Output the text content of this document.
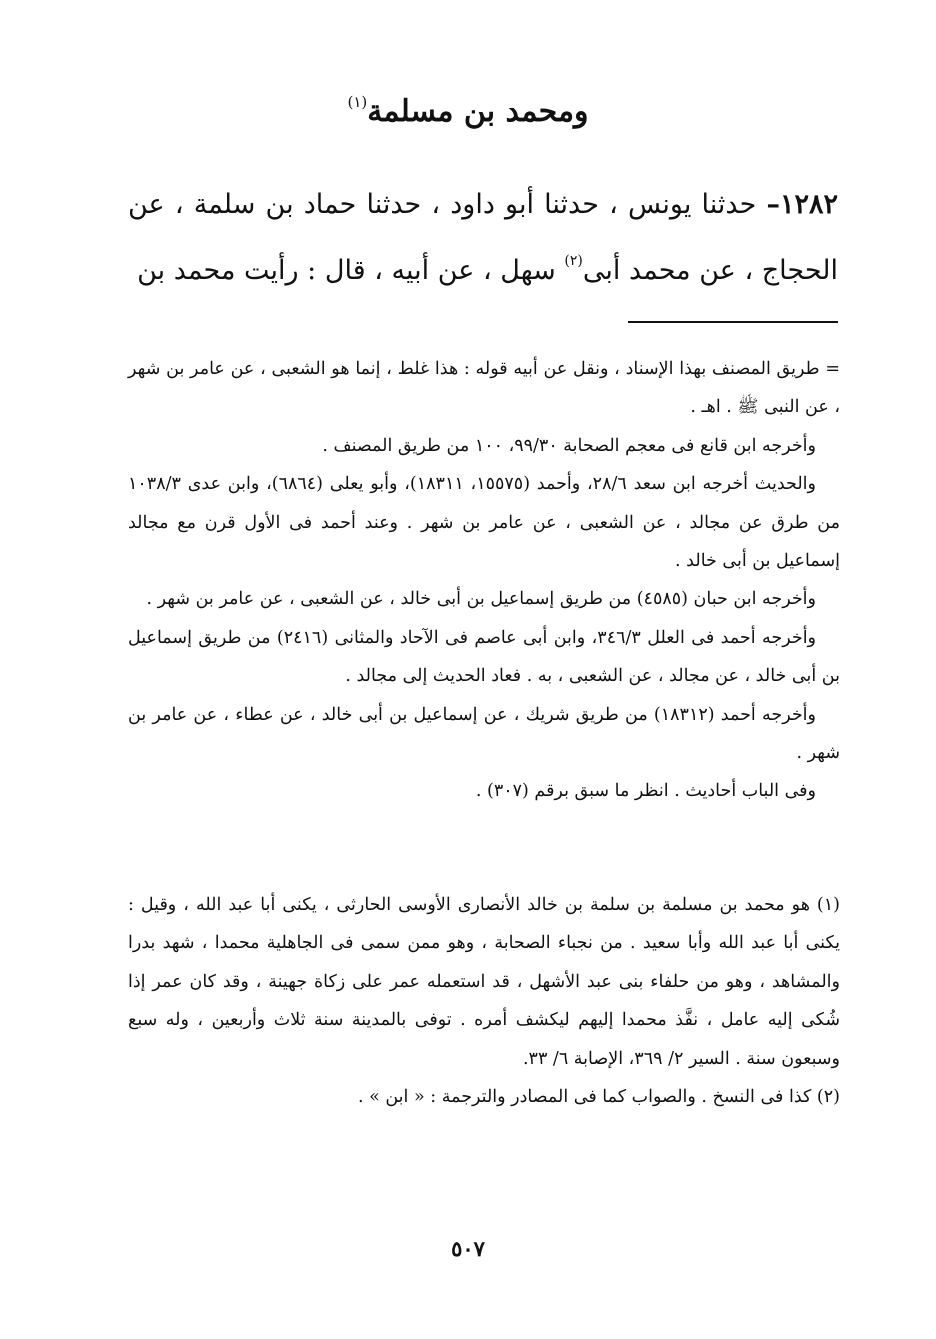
ومحمد بن مسلمة$^{(١)}$
١٢٨٢– حدثنا يونس ، حدثنا أبو داود ، حدثنا حماد بن سلمة ، عن الحجاج ، عن محمد أبى$^{(٢)}$ سهل ، عن أبيه ، قال : رأيت محمد بن

= طريق المصنف بهذا الإسناد ، ونقل عن أبيه قوله : هذا غلط ، إنما هو الشعبى ، عن عامر بن شهر ، عن النبى ﷺ . اهـ .

وأخرجه ابن قانع فى معجم الصحابة ٩٩/٣٠، ١٠٠ من طريق المصنف .

والحديث أخرجه ابن سعد ٢٨/٦، وأحمد (١٥٥٧٥، ١٨٣١١)، وأبو يعلى (٦٨٦٤)، وابن عدى ١٠٣٨/٣ من طرق عن مجالد ، عن الشعبى ، عن عامر بن شهر . وعند أحمد فى الأول قرن مع مجالد إسماعيل بن أبى خالد .

وأخرجه ابن حبان (٤٥٨٥) من طريق إسماعيل بن أبى خالد ، عن الشعبى ، عن عامر بن شهر .

وأخرجه أحمد فى العلل ٣٤٦/٣، وابن أبى عاصم فى الآحاد والمثانى (٢٤١٦) من طريق إسماعيل بن أبى خالد ، عن مجالد ، عن الشعبى ، به . فعاد الحديث إلى مجالد .

وأخرجه أحمد (١٨٣١٢) من طريق شريك ، عن إسماعيل بن أبى خالد ، عن عطاء ، عن عامر بن شهر .

وفى الباب أحاديث . انظر ما سبق برقم (٣٠٧) .

(١) هو محمد بن مسلمة بن سلمة بن خالد الأنصارى الأوسى الحارثى ، يكنى أبا عبد الله ، وقيل : يكنى أبا عبد الله وأبا سعيد . من نجباء الصحابة ، وهو ممن سمى فى الجاهلية محمدا ، شهد بدرا والمشاهد ، وهو من حلفاء بنى عبد الأشهل ، قد استعمله عمر على زكاة جهينة ، وقد كان عمر إذا شُكى إليه عامل ، نفَّذ محمدا إليهم ليكشف أمره . توفى بالمدينة سنة ثلاث وأربعين ، وله سبع وسبعون سنة . السير ٢/ ٣٦٩، الإصابة ٦/ ٣٣.

(٢) كذا فى النسخ . والصواب كما فى المصادر والترجمة : « ابن » .

٥٠٧
